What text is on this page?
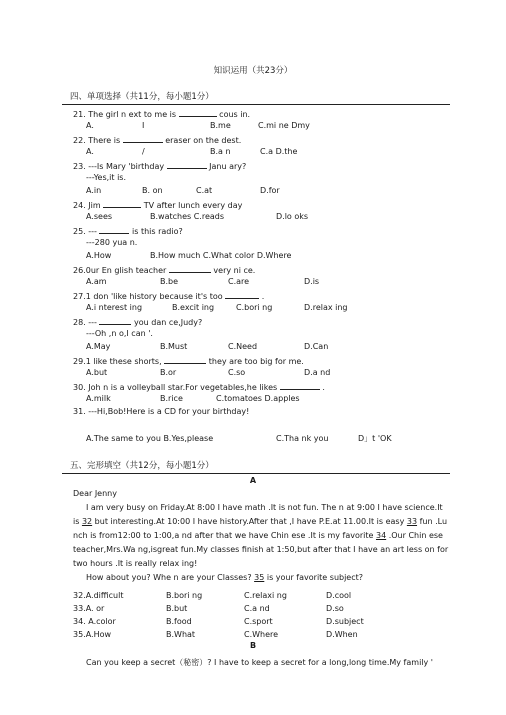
知识运用（共23分）
四、单项选择（共11分，每小题1分）
21. The girl n ext to me is	cous in.
A.	I	B.me	C.mi ne Dmy
22. There is	eraser on the dest.
A.	/	B.a n	C.a D.the
23. ---Is Mary 'birthday	Janu ary?
---Yes,it is.
A.in	B. on	C.at	D.for
24. Jim	TV after lunch every day
A.sees	B.watches C.reads	D.lo oks
25. ---	is this radio?
---280 yua n.
A.How	B.How much C.What color D.Where
26.0ur En glish teacher	very ni ce.
A.am	B.be	C.are	D.is
27.1 don 'like history because it's too	.
A.i nterest ing	B.excit ing	C.bori ng	D.relax ing
28. ---	you dan ce,Judy?
---Oh ,n o,I can '.
A.May	B.Must	C.Need	D.Can
29.1 like these shorts,	they are too big for me.
A.but	B.or	C.so	D.a nd
30. Joh n is a volleyball star.For vegetables,he likes	.
A.milk	B.rice	C.tomatoes D.apples
31. ---Hi,Bob!Here is a CD for your birthday!
A.The same to you B.Yes,please	C.Tha nk you	D」t 'OK
五、完形填空（共12分，每小题1分）
A
Dear Jenny
I am very busy on Friday.At 8:00 I have math .It is not fun. The n at 9:00 I have science.It
is 32 but interesting.At 10:00 I have history.After that ,I have P.E.at 11.00.It is easy 33 fun .Lu
nch is from12:00 to 1:00,a nd after that we have Chin ese .It is my favorite 34 .Our Chin ese
teacher,Mrs.Wa ng,isgreat fun.My classes finish at 1:50,but after that I have an art less on for
two hours .It is really relax ing!
How about you? Whe n are your Classes? 35 is your favorite subject?
32.A.difficult	B.bori ng	C.relaxi ng	D.cool
33.A. or	B.but	C.a nd	D.so
34. A.color	B.food	C.sport	D.subject
35.A.How	B.What	C.Where	D.When
B
Can you keep a secret（秘密）? I have to keep a secret for a long,long time.My family '
